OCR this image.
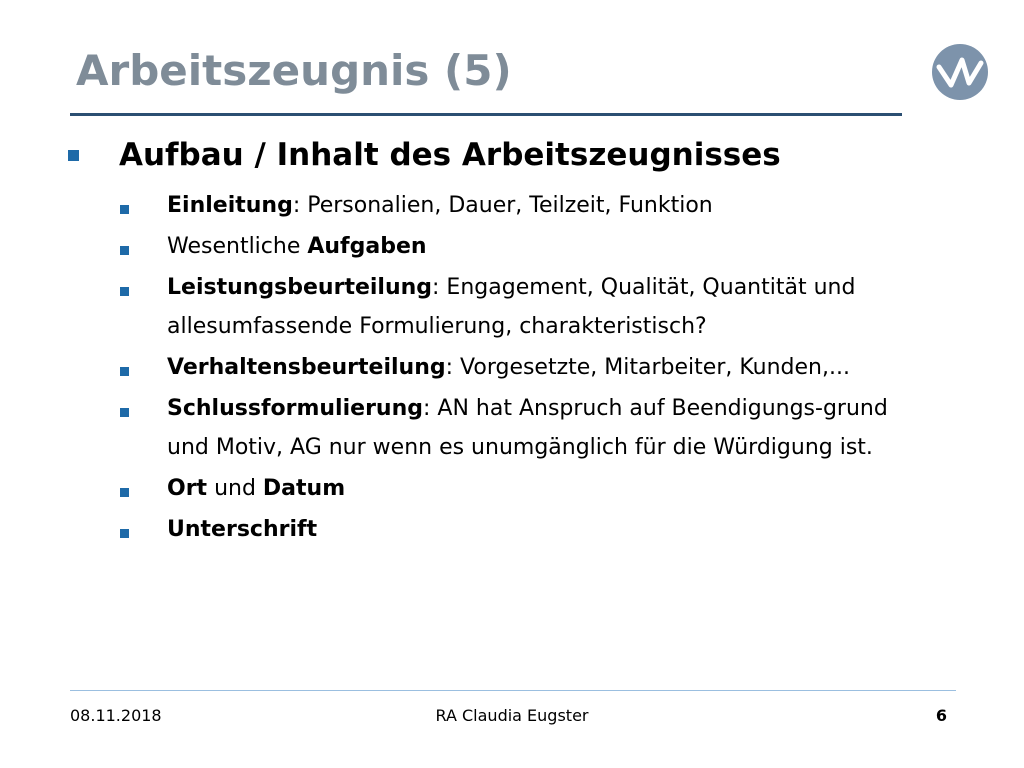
Arbeitszeugnis (5)
Aufbau / Inhalt des Arbeitszeugnisses
Einleitung: Personalien, Dauer, Teilzeit, Funktion
Wesentliche Aufgaben
Leistungsbeurteilung: Engagement, Qualität, Quantität und allesumfassende Formulierung, charakteristisch?
Verhaltensbeurteilung: Vorgesetzte, Mitarbeiter, Kunden,...
Schlussformulierung: AN hat Anspruch auf Beendigungs-grund und Motiv, AG nur wenn es unumgänglich für die Würdigung ist.
Ort und Datum
Unterschrift
08.11.2018	RA Claudia Eugster	6
